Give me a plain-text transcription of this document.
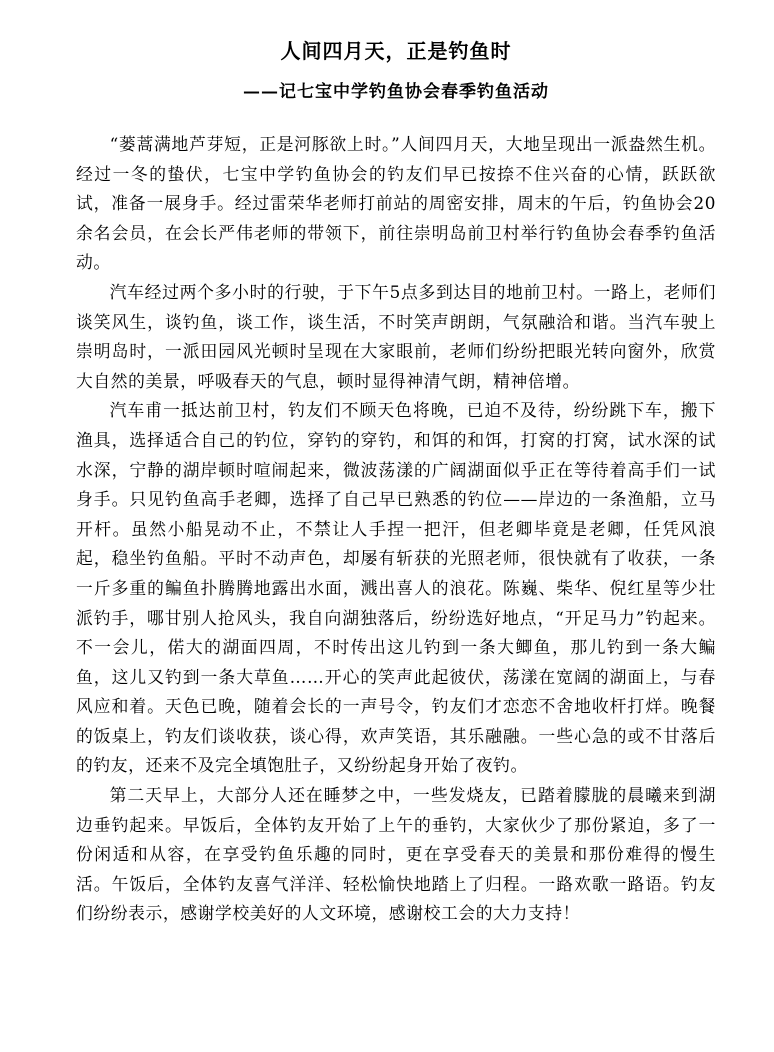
人间四月天，正是钓鱼时
——记七宝中学钓鱼协会春季钓鱼活动

“蒌蒿满地芦芽短，正是河豚欲上时。”人间四月天，大地呈现出一派盎然生机。经过一冬的蛰伏，七宝中学钓鱼协会的钓友们早已按捺不住兴奋的心情，跃跃欲试，准备一展身手。经过雷荣华老师打前站的周密安排，周末的午后，钓鱼协会20余名会员，在会长严伟老师的带领下，前往崇明岛前卫村举行钓鱼协会春季钓鱼活动。

汽车经过两个多小时的行驶，于下午5点多到达目的地前卫村。一路上，老师们谈笑风生，谈钓鱼，谈工作，谈生活，不时笑声朗朗，气氛融洽和谐。当汽车驶上崇明岛时，一派田园风光顿时呈现在大家眼前，老师们纷纷把眼光转向窗外，欣赏大自然的美景，呼吸春天的气息，顿时显得神清气朗，精神倍增。

汽车甫一抵达前卫村，钓友们不顾天色将晚，已迫不及待，纷纷跳下车，搬下渔具，选择适合自己的钓位，穿钓的穿钓，和饵的和饵，打窝的打窝，试水深的试水深，宁静的湖岸顿时喧闹起来，微波荡漾的广阔湖面似乎正在等待着高手们一试身手。只见钓鱼高手老卿，选择了自己早已熟悉的钓位——岸边的一条渔船，立马开杆。虽然小船晃动不止，不禁让人手捏一把汗，但老卿毕竟是老卿，任凭风浪起，稳坐钓鱼船。平时不动声色，却屡有斩获的光照老师，很快就有了收获，一条一斤多重的鳊鱼扑腾腾地露出水面，溅出喜人的浪花。陈巍、柴华、倪红星等少壮派钓手，哪甘别人抢风头，我自向湖独落后，纷纷选好地点，“开足马力”钓起来。不一会儿，偌大的湖面四周，不时传出这儿钓到一条大鲫鱼，那儿钓到一条大鳊鱼，这儿又钓到一条大草鱼……开心的笑声此起彼伏，荡漾在宽阔的湖面上，与春风应和着。天色已晚，随着会长的一声号令，钓友们才恋恋不舍地收杆打烊。晚餐的饭桌上，钓友们谈收获，谈心得，欢声笑语，其乐融融。一些心急的或不甘落后的钓友，还来不及完全填饱肚子，又纷纷起身开始了夜钓。

第二天早上，大部分人还在睡梦之中，一些发烧友，已踏着朦胧的晨曦来到湖边垂钓起来。早饭后，全体钓友开始了上午的垂钓，大家伙少了那份紧迫，多了一份闲适和从容，在享受钓鱼乐趣的同时，更在享受春天的美景和那份难得的慢生活。午饭后，全体钓友喜气洋洋、轻松愉快地踏上了归程。一路欢歌一路语。钓友们纷纷表示，感谢学校美好的人文环境，感谢校工会的大力支持！
